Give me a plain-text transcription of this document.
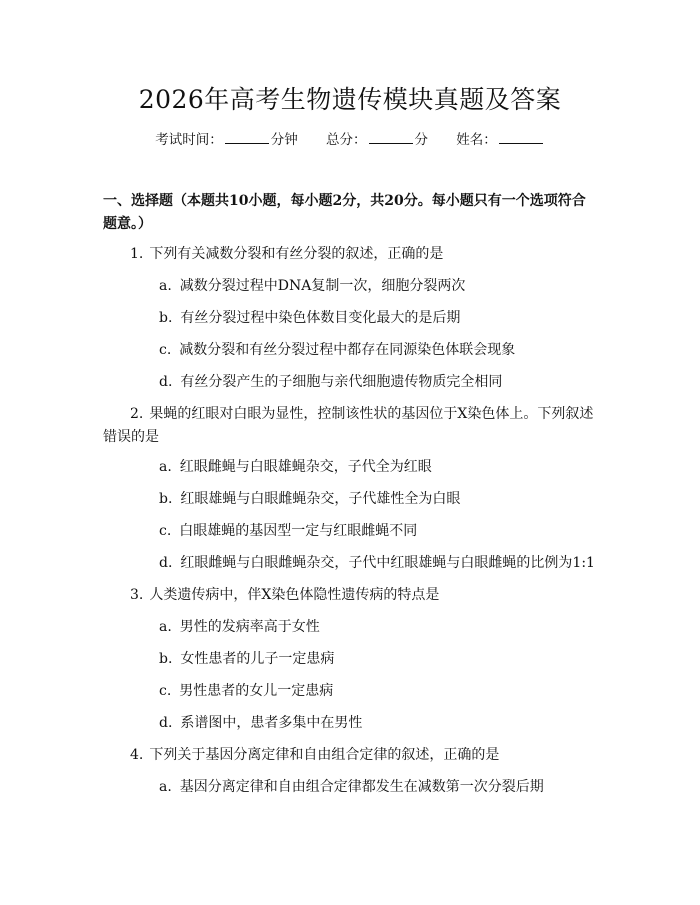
2026年高考生物遗传模块真题及答案
考试时间：	分钟 总分：	分 姓名：
一、选择题（本题共10小题，每小题2分，共20分。每小题只有一个选项符合题意。）
1. 下列有关减数分裂和有丝分裂的叙述，正确的是
a. 减数分裂过程中DNA复制一次，细胞分裂两次
b. 有丝分裂过程中染色体数目变化最大的是后期
c. 减数分裂和有丝分裂过程中都存在同源染色体联会现象
d. 有丝分裂产生的子细胞与亲代细胞遗传物质完全相同
2. 果蝇的红眼对白眼为显性，控制该性状的基因位于X染色体上。下列叙述错误的是
a. 红眼雌蝇与白眼雄蝇杂交，子代全为红眼
b. 红眼雄蝇与白眼雌蝇杂交，子代雄性全为白眼
c. 白眼雄蝇的基因型一定与红眼雌蝇不同
d. 红眼雌蝇与白眼雌蝇杂交，子代中红眼雄蝇与白眼雌蝇的比例为1:1
3. 人类遗传病中，伴X染色体隐性遗传病的特点是
a. 男性的发病率高于女性
b. 女性患者的儿子一定患病
c. 男性患者的女儿一定患病
d. 系谱图中，患者多集中在男性
4. 下列关于基因分离定律和自由组合定律的叙述，正确的是
a. 基因分离定律和自由组合定律都发生在减数第一次分裂后期
